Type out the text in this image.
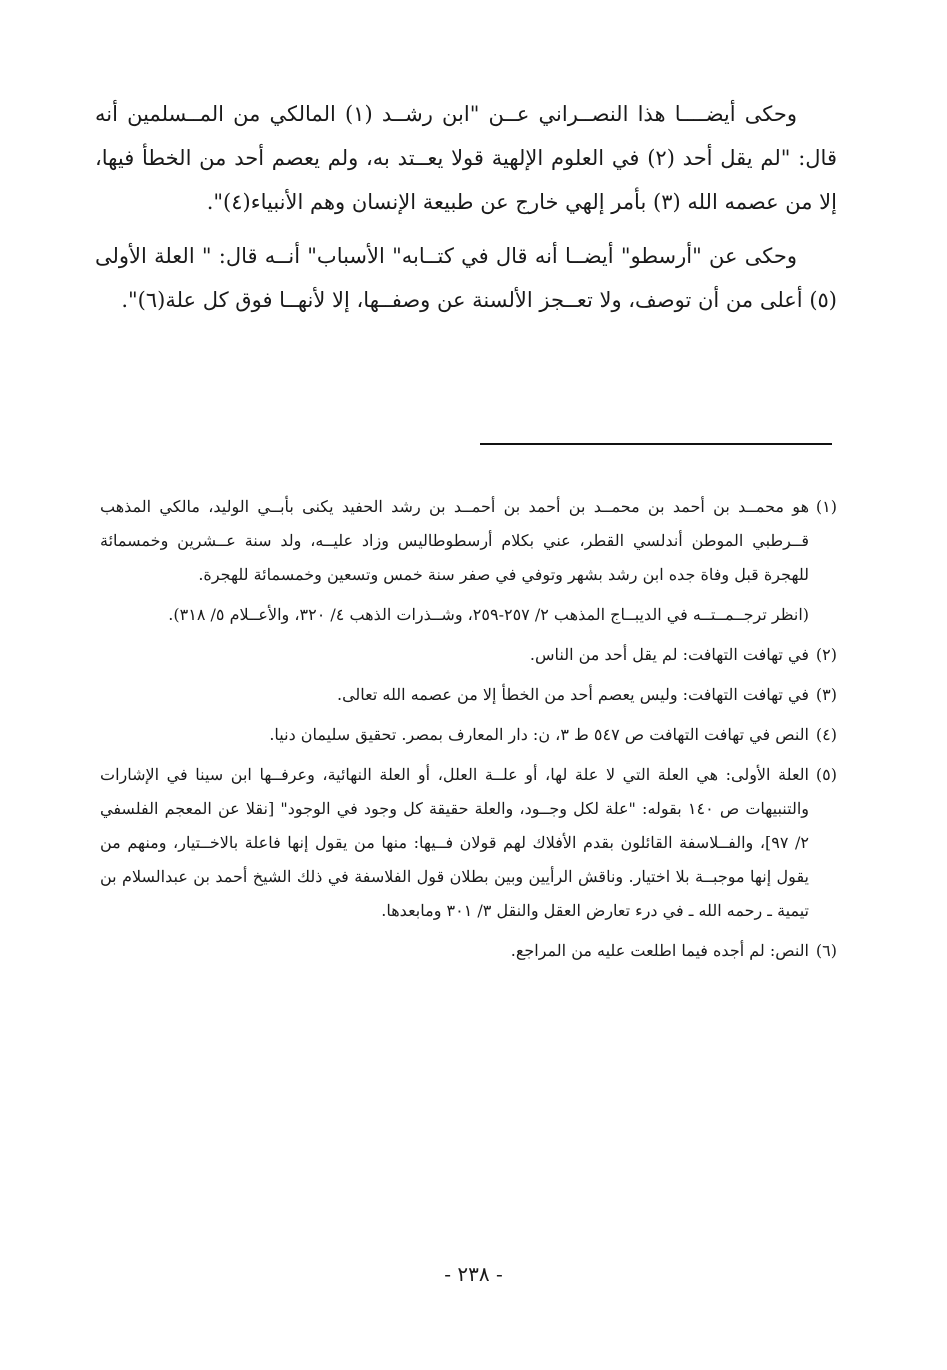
وحكى أيضــــا هذا النصــراني عــن "ابن رشــد (١) المالكي من المــسلمين أنه قال: "لم يقل أحد (٢) في العلوم الإلهية قولا يعــتد به، ولم يعصم أحد من الخطأ فيها، إلا من عصمه الله (٣) بأمر إلهي خارج عن طبيعة الإنسان وهم الأنبياء(٤)".

وحكى عن "أرسطو" أيضــا أنه قال في كتــابه" الأسباب" أنــه قال: " العلة الأولى (٥) أعلى من أن توصف، ولا تعــجز الألسنة عن وصفــها، إلا لأنهــا فوق كل علة(٦)".

(١)هو محمــد بن أحمد بن محمــد بن أحمد بن أحمــد بن رشد الحفيد يكنى بأبــي الوليد، مالكي المذهب قــرطبي الموطن أندلسي القطر، عني بكلام أرسطوطاليس وزاد عليــه، ولد سنة عــشرين وخمسمائة للهجرة قبل وفاة جده ابن رشد بشهر وتوفي في صفر سنة خمس وتسعين وخمسمائة للهجرة.
(انظر ترجــمــتــه في الديبــاج المذهب ٢/ ٢٥٧-٢٥٩، وشــذرات الذهب ٤/ ٣٢٠، والأعــلام ٥/ ٣١٨).
(٢)في تهافت التهافت: لم يقل أحد من الناس.
(٣)في تهافت التهافت: وليس يعصم أحد من الخطأ إلا من عصمه الله تعالى.
(٤)النص في تهافت التهافت ص ٥٤٧ ط ٣، ن: دار المعارف بمصر. تحقيق سليمان دنيا.
(٥)العلة الأولى: هي العلة التي لا علة لها، أو علــة العلل، أو العلة النهائية، وعرفــها ابن سينا في الإشارات والتنبيهات ص ١٤٠ بقوله: "علة لكل وجــود، والعلة حقيقة كل وجود في الوجود" [نقلا عن المعجم الفلسفي ٢/ ٩٧]، والفــلاسفة القائلون بقدم الأفلاك لهم قولان فــيها: منها من يقول إنها فاعلة بالاخــتيار، ومنهم من يقول إنها موجبــة بلا اختيار. وناقش الرأيين وبين بطلان قول الفلاسفة في ذلك الشيخ أحمد بن عبدالسلام بن تيمية ـ رحمه الله ـ في درء تعارض العقل والنقل ٣/ ٣٠١ ومابعدها.
(٦)النص: لم أجده فيما اطلعت عليه من المراجع.
- ٢٣٨ -
